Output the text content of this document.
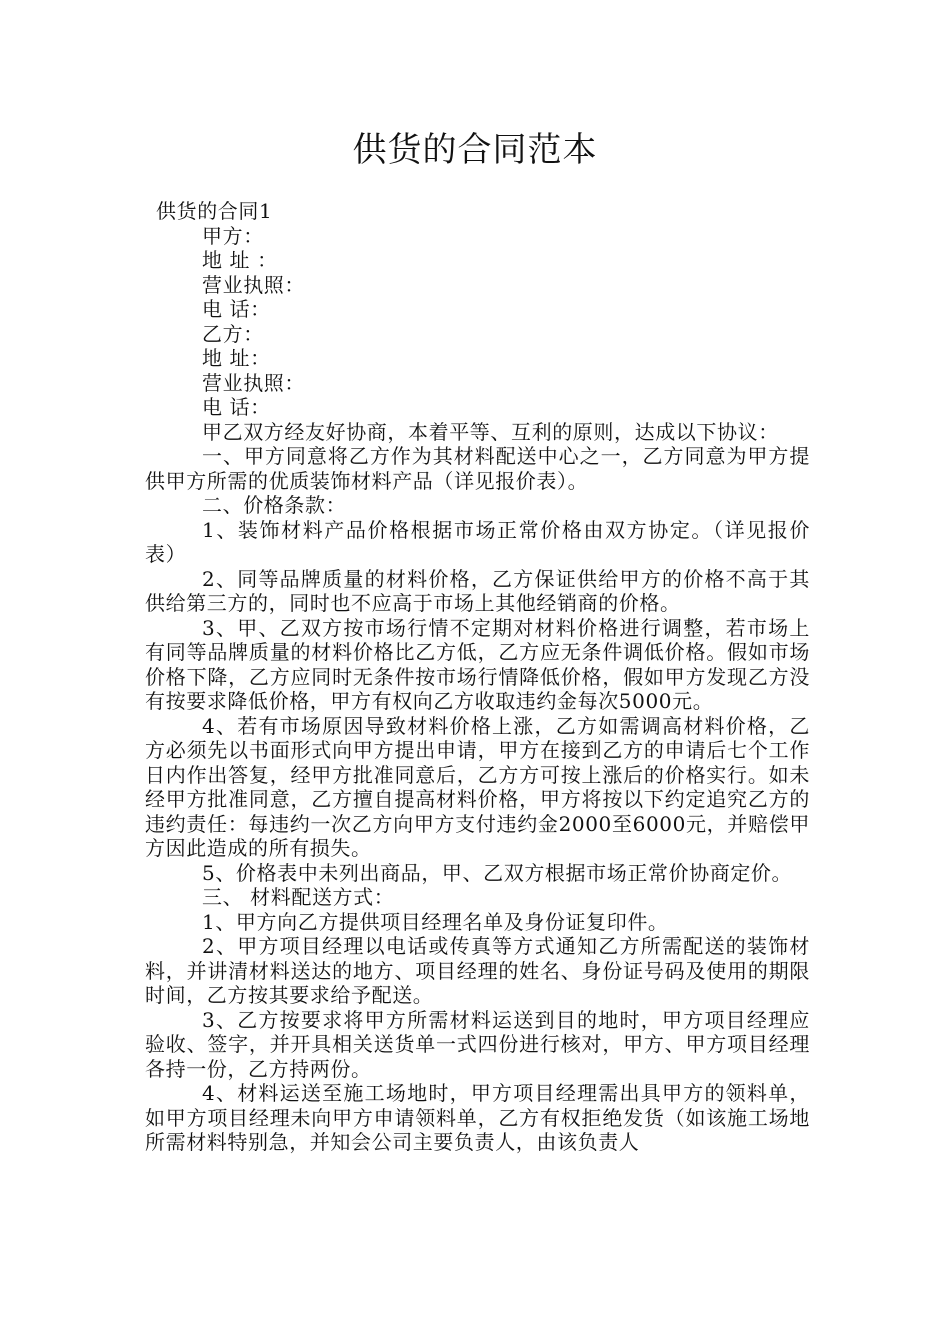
供货的合同范本

供货的合同1

甲方：

地 址 ：

营业执照：

电 话：

乙方：

地 址：

营业执照：

电 话：

甲乙双方经友好协商，本着平等、互利的原则，达成以下协议：

一、甲方同意将乙方作为其材料配送中心之一，乙方同意为甲方提供甲方所需的优质装饰材料产品（详见报价表）。

二、价格条款：

1、装饰材料产品价格根据市场正常价格由双方协定。（详见报价表）

2、同等品牌质量的材料价格，乙方保证供给甲方的价格不高于其供给第三方的，同时也不应高于市场上其他经销商的价格。

3、甲、乙双方按市场行情不定期对材料价格进行调整，若市场上有同等品牌质量的材料价格比乙方低，乙方应无条件调低价格。假如市场价格下降，乙方应同时无条件按市场行情降低价格，假如甲方发现乙方没有按要求降低价格，甲方有权向乙方收取违约金每次5000元。

4、若有市场原因导致材料价格上涨，乙方如需调高材料价格，乙方必须先以书面形式向甲方提出申请，甲方在接到乙方的申请后七个工作日内作出答复，经甲方批准同意后，乙方方可按上涨后的价格实行。如未经甲方批准同意，乙方擅自提高材料价格，甲方将按以下约定追究乙方的违约责任：每违约一次乙方向甲方支付违约金2000至6000元，并赔偿甲方因此造成的所有损失。

5、价格表中未列出商品，甲、乙双方根据市场正常价协商定价。

三、 材料配送方式：

1、甲方向乙方提供项目经理名单及身份证复印件。

2、甲方项目经理以电话或传真等方式通知乙方所需配送的装饰材料，并讲清材料送达的地方、项目经理的姓名、身份证号码及使用的期限时间，乙方按其要求给予配送。

3、乙方按要求将甲方所需材料运送到目的地时，甲方项目经理应验收、签字，并开具相关送货单一式四份进行核对，甲方、甲方项目经理各持一份，乙方持两份。

4、材料运送至施工场地时，甲方项目经理需出具甲方的领料单，如甲方项目经理未向甲方申请领料单，乙方有权拒绝发货（如该施工场地所需材料特别急，并知会公司主要负责人，由该负责人
